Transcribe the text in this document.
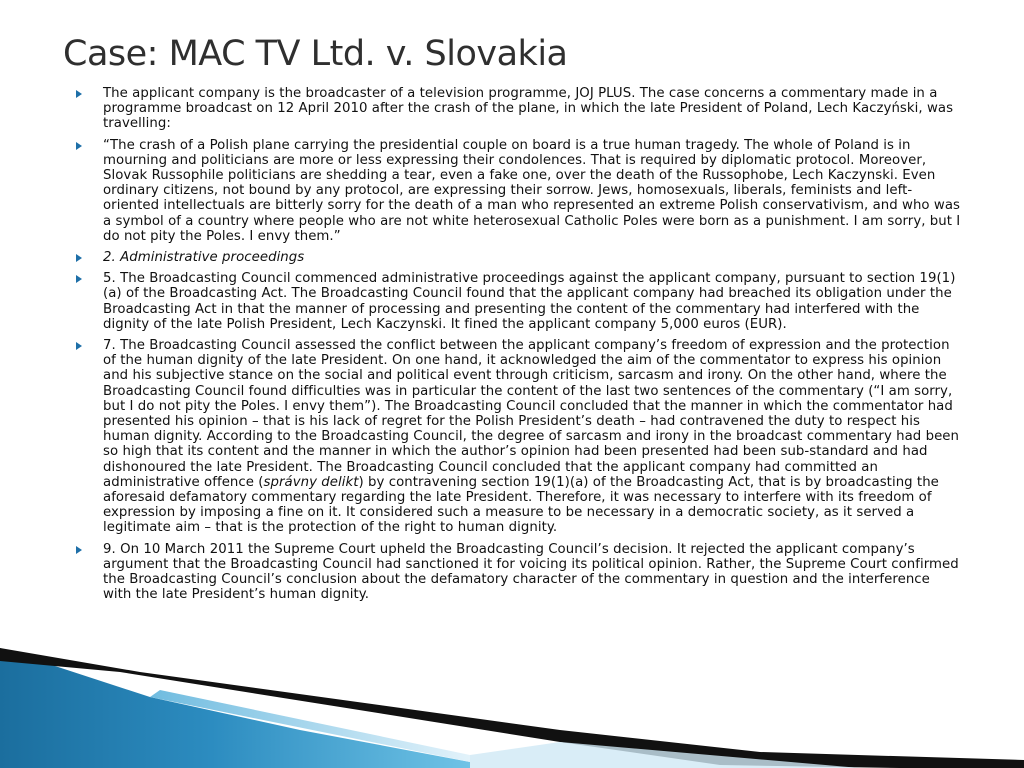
Case: MAC TV Ltd. v. Slovakia
The applicant company is the broadcaster of a television programme, JOJ PLUS. The case concerns a commentary made in a programme broadcast on 12 April 2010 after the crash of the plane, in which the late President of Poland, Lech Kaczyński, was travelling:
“The crash of a Polish plane carrying the presidential couple on board is a true human tragedy. The whole of Poland is in mourning and politicians are more or less expressing their condolences. That is required by diplomatic protocol. Moreover, Slovak Russophile politicians are shedding a tear, even a fake one, over the death of the Russophobe, Lech Kaczynski. Even ordinary citizens, not bound by any protocol, are expressing their sorrow. Jews, homosexuals, liberals, feminists and left-oriented intellectuals are bitterly sorry for the death of a man who represented an extreme Polish conservativism, and who was a symbol of a country where people who are not white heterosexual Catholic Poles were born as a punishment. I am sorry, but I do not pity the Poles. I envy them.”
2. Administrative proceedings
5. The Broadcasting Council commenced administrative proceedings against the applicant company, pursuant to section 19(1)(a) of the Broadcasting Act. The Broadcasting Council found that the applicant company had breached its obligation under the Broadcasting Act in that the manner of processing and presenting the content of the commentary had interfered with the dignity of the late Polish President, Lech Kaczynski. It fined the applicant company 5,000 euros (EUR).
7. The Broadcasting Council assessed the conflict between the applicant company’s freedom of expression and the protection of the human dignity of the late President. On one hand, it acknowledged the aim of the commentator to express his opinion and his subjective stance on the social and political event through criticism, sarcasm and irony. On the other hand, where the Broadcasting Council found difficulties was in particular the content of the last two sentences of the commentary (“I am sorry, but I do not pity the Poles. I envy them”). The Broadcasting Council concluded that the manner in which the commentator had presented his opinion – that is his lack of regret for the Polish President’s death – had contravened the duty to respect his human dignity. According to the Broadcasting Council, the degree of sarcasm and irony in the broadcast commentary had been so high that its content and the manner in which the author’s opinion had been presented had been sub-standard and had dishonoured the late President. The Broadcasting Council concluded that the applicant company had committed an administrative offence (správny delikt) by contravening section 19(1)(a) of the Broadcasting Act, that is by broadcasting the aforesaid defamatory commentary regarding the late President. Therefore, it was necessary to interfere with its freedom of expression by imposing a fine on it. It considered such a measure to be necessary in a democratic society, as it served a legitimate aim – that is the protection of the right to human dignity.
9. On 10 March 2011 the Supreme Court upheld the Broadcasting Council’s decision. It rejected the applicant company’s argument that the Broadcasting Council had sanctioned it for voicing its political opinion. Rather, the Supreme Court confirmed the Broadcasting Council’s conclusion about the defamatory character of the commentary in question and the interference with the late President’s human dignity.
